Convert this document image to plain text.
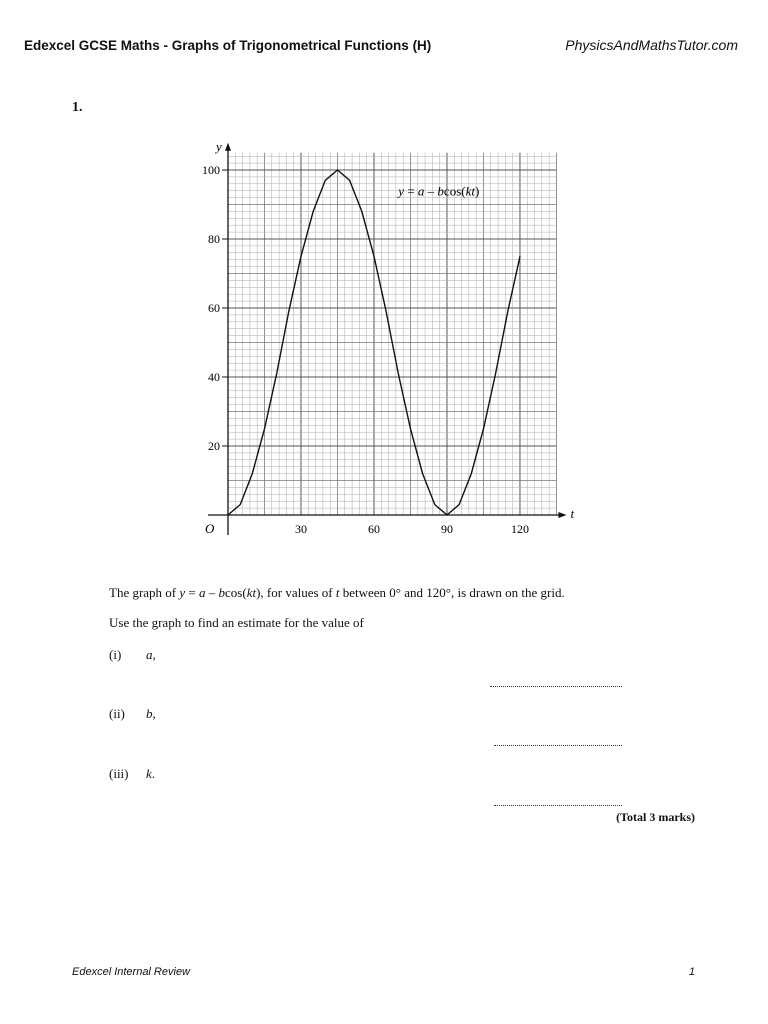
Edexcel GCSE Maths - Graphs of Trigonometrical Functions (H)	PhysicsAndMathsTutor.com
1.
30	60	90	120
20
40
60
80
100
y = a – bcos(kt)
t
y
O
The graph of y = a – bcos(kt), for values of t between 0° and 120°, is drawn on the grid.
Use the graph to find an estimate for the value of
(i) a,
(ii) b,
(iii) k.
(Total 3 marks)
Edexcel Internal Review	1
